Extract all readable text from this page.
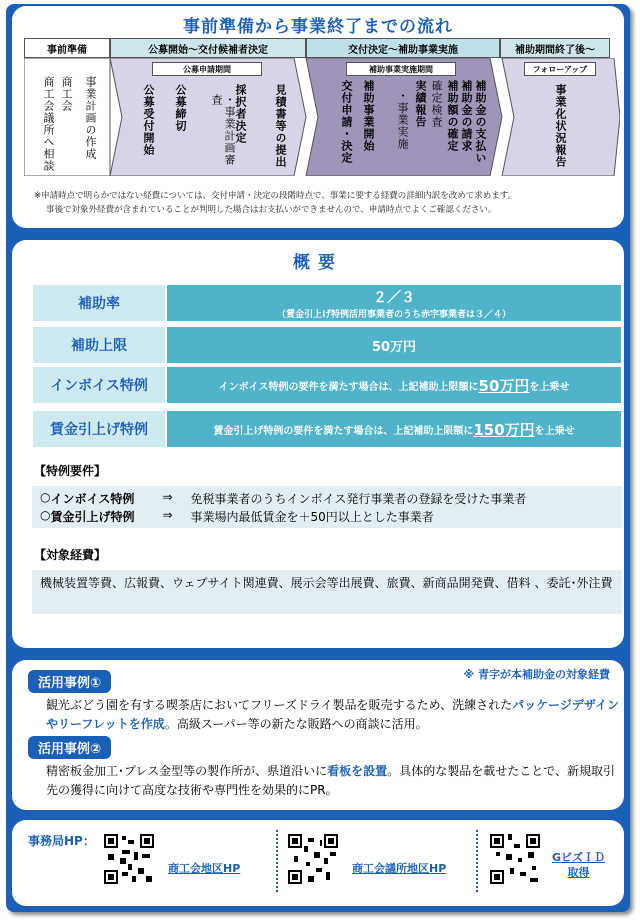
事前準備から事業終了までの流れ
事前準備	公募開始～交付候補者決定	交付決定～補助事業実施	補助期間終了後～
公募申請期間	補助事業実施期間	フォローアップ
事業計画の作成
商工会
商工会議所へ相談	見積書等の提出
採択者決定
・事業計画審査
公募締切
公募受付開始	補助金の支払い
補助金の請求
補助額の確定
確定検査
実績報告
・事業実施
補助事業開始
交付申請・決定	事業化状況報告
※申請時点で明らかではない経費については、交付申請・決定の段階時点で、事業に要する経費の詳細内訳を改めて求めます。
事後で対象外経費が含まれていることが判明した場合はお支払いができませんので、申請時点でよくご確認ください。
概要
補助率	２／３
（賃金引上げ特例活用事業者のうち赤字事業者は３／４）
補助上限	50万円
インボイス特例	インボイス特例の要件を満たす場合は、上記補助上限額に 50万円 を上乗せ
賃金引上げ特例	賃金引上げ特例の要件を満たす場合は、上記補助上限額に 150万円 を上乗せ
【特例要件】
○ インボイス特例	⇒	免税事業者のうちインボイス発行事業者の登録を受けた事業者
○ 賃金引上げ特例	⇒	事業場内最低賃金を＋50円以上とした事業者
【対象経費】
機械装置等費、広報費、ウェブサイト関連費、展示会等出展費、旅費、新商品開発費、借料 、委託･外注費
※ 青字が本補助金の対象経費
活用事例①
観光ぶどう園を有する喫茶店においてフリーズドライ製品を販売するため、洗練されたパッケージデザインやリーフレットを作成。高級スーパー等の新たな販路への商談に活用。
活用事例②
精密板金加工･プレス金型等の製作所が、県道沿いに看板を設置。具体的な製品を載せたことで、新規取引先の獲得に向けて高度な技術や専門性を効果的にPR。
事務局HP：
商工会地区HP	商工会議所地区HP
GビズＩＤ
取得
